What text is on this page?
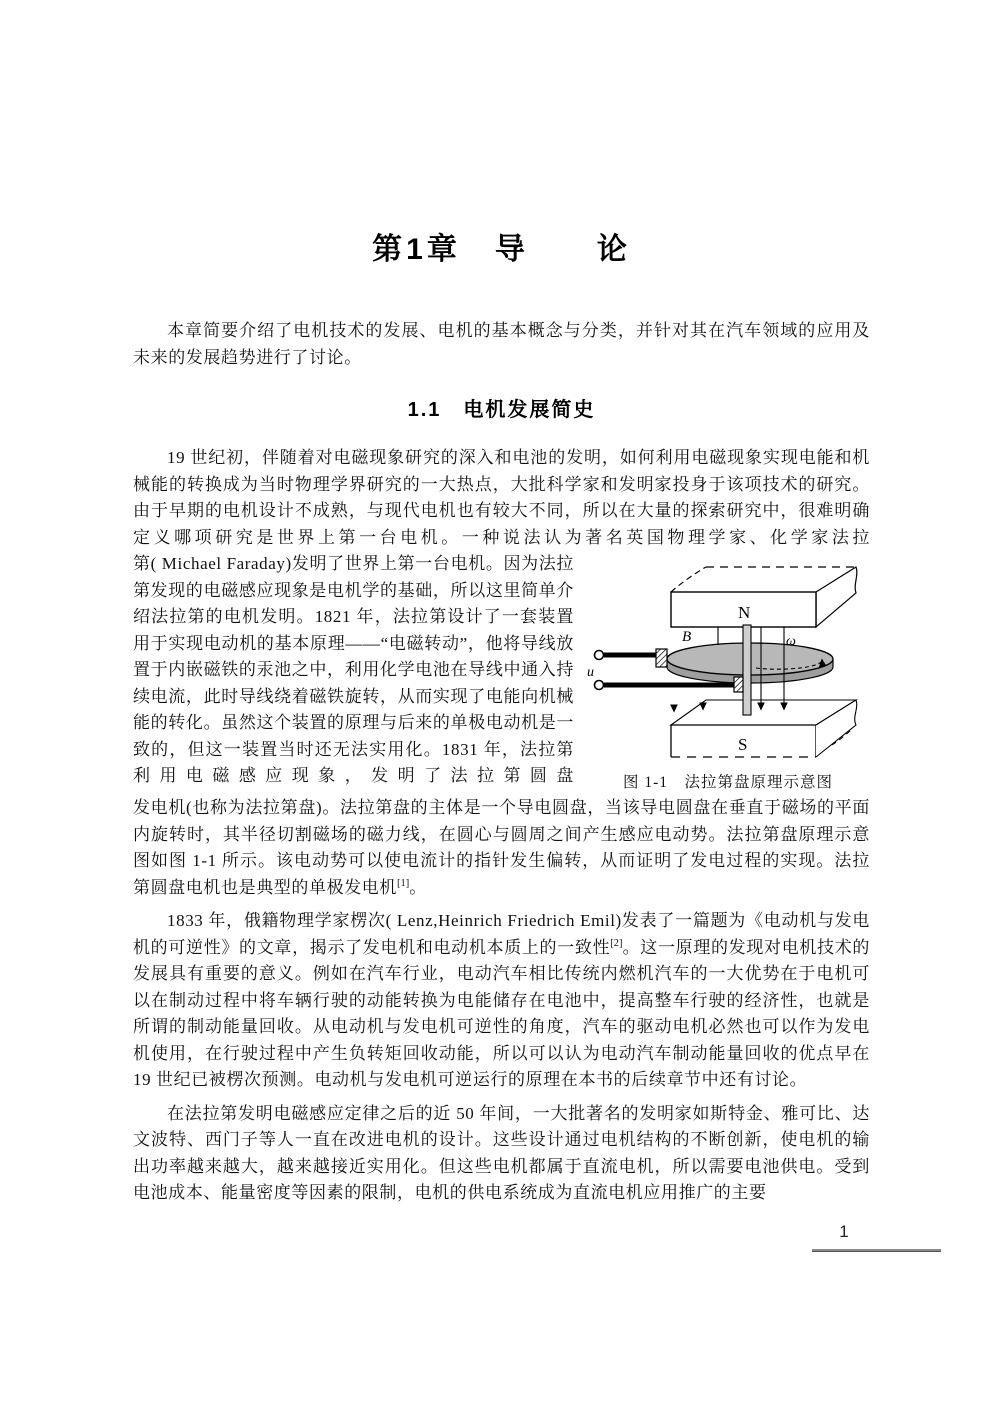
第1章　导　　论
本章简要介绍了电机技术的发展、电机的基本概念与分类，并针对其在汽车领域的应用及未来的发展趋势进行了讨论。
1.1　电机发展简史
19 世纪初，伴随着对电磁现象研究的深入和电池的发明，如何利用电磁现象实现电能和机械能的转换成为当时物理学界研究的一大热点，大批科学家和发明家投身于该项技术的研究。由于早期的电机设计不成熟，与现代电机也有较大不同，所以在大量的探索研究中，很难明确定义哪项研究是世界上第一台电机。一种说法认为著名英国物理学家、化学家法拉
N
S
B	ω
u
图 1-1　法拉第盘原理示意图
第( Michael Faraday)发明了世界上第一台电机。因为法拉第发现的电磁感应现象是电机学的基础，所以这里简单介绍法拉第的电机发明。1821 年，法拉第设计了一套装置用于实现电动机的基本原理——“电磁转动”，他将导线放置于内嵌磁铁的汞池之中，利用化学电池在导线中通入持续电流，此时导线绕着磁铁旋转，从而实现了电能向机械能的转化。虽然这个装置的原理与后来的单极电动机是一致的，但这一装置当时还无法实用化。1831 年，法拉第利用电磁感应现象，发明了法拉第圆盘
发电机(也称为法拉第盘)。法拉第盘的主体是一个导电圆盘，当该导电圆盘在垂直于磁场的平面内旋转时，其半径切割磁场的磁力线，在圆心与圆周之间产生感应电动势。法拉第盘原理示意图如图 1-1 所示。该电动势可以使电流计的指针发生偏转，从而证明了发电过程的实现。法拉第圆盘电机也是典型的单极发电机[1]。
1833 年，俄籍物理学家楞次( Lenz,Heinrich Friedrich Emil)发表了一篇题为《电动机与发电机的可逆性》的文章，揭示了发电机和电动机本质上的一致性[2]。这一原理的发现对电机技术的发展具有重要的意义。例如在汽车行业，电动汽车相比传统内燃机汽车的一大优势在于电机可以在制动过程中将车辆行驶的动能转换为电能储存在电池中，提高整车行驶的经济性，也就是所谓的制动能量回收。从电动机与发电机可逆性的角度，汽车的驱动电机必然也可以作为发电机使用，在行驶过程中产生负转矩回收动能，所以可以认为电动汽车制动能量回收的优点早在 19 世纪已被楞次预测。电动机与发电机可逆运行的原理在本书的后续章节中还有讨论。
在法拉第发明电磁感应定律之后的近 50 年间，一大批著名的发明家如斯特金、雅可比、达文波特、西门子等人一直在改进电机的设计。这些设计通过电机结构的不断创新，使电机的输出功率越来越大，越来越接近实用化。但这些电机都属于直流电机，所以需要电池供电。受到电池成本、能量密度等因素的限制，电机的供电系统成为直流电机应用推广的主要
1
